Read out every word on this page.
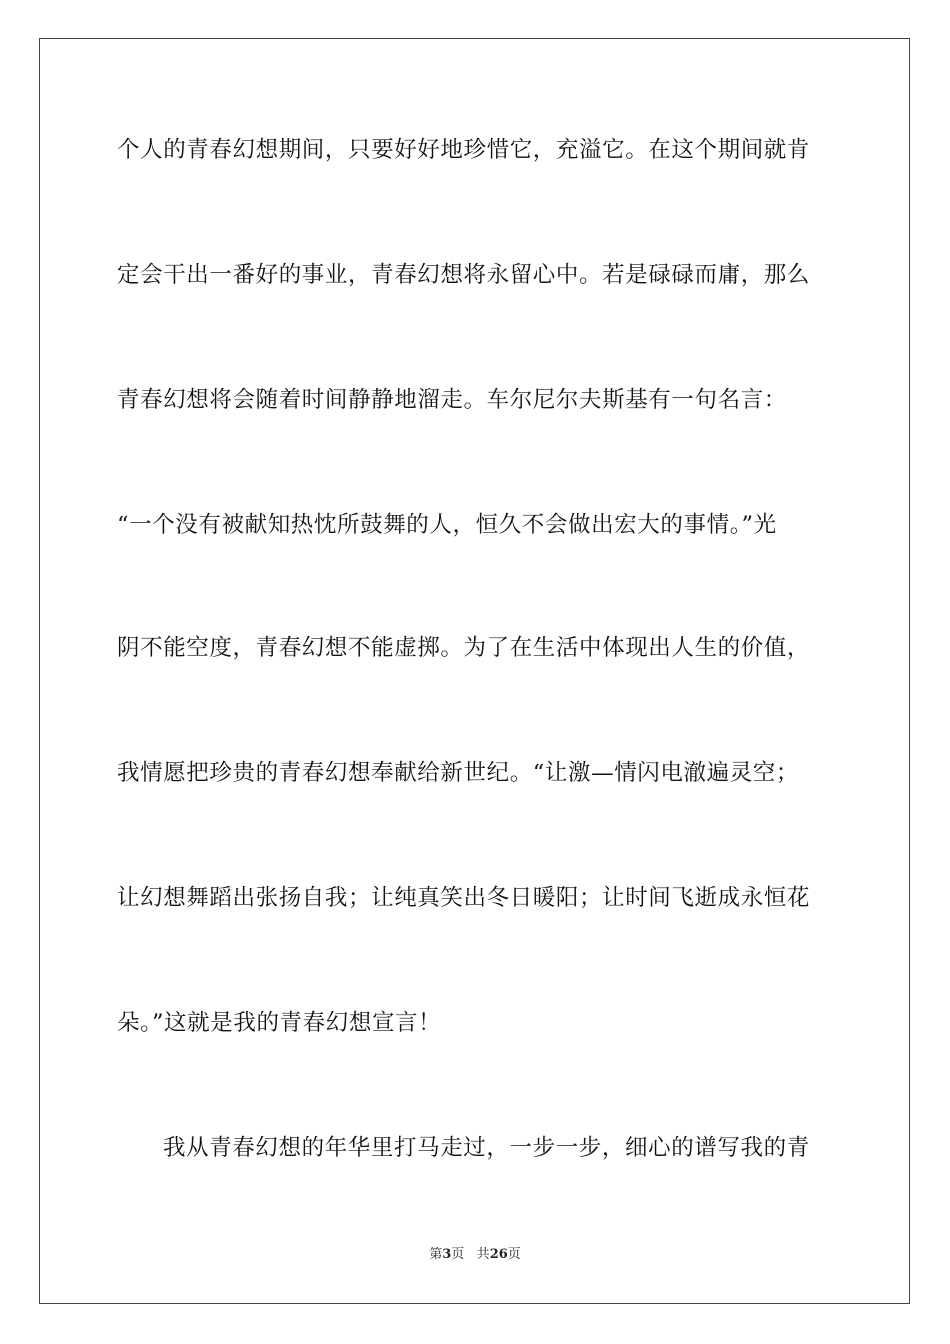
个人的青春幻想期间，只要好好地珍惜它，充溢它。在这个期间就肯
定会干出一番好的事业，青春幻想将永留心中。若是碌碌而庸，那么
青春幻想将会随着时间静静地溜走。车尔尼尔夫斯基有一句名言：
“一个没有被献知热忱所鼓舞的人，恒久不会做出宏大的事情。”光
阴不能空度，青春幻想不能虚掷。为了在生活中体现出人生的价值，
我情愿把珍贵的青春幻想奉献给新世纪。“让激—情闪电澈遍灵空；
让幻想舞蹈出张扬自我；让纯真笑出冬日暖阳；让时间飞逝成永恒花
朵。”这就是我的青春幻想宣言！
我从青春幻想的年华里打马走过，一步一步，细心的谱写我的青
第3页 共26页
